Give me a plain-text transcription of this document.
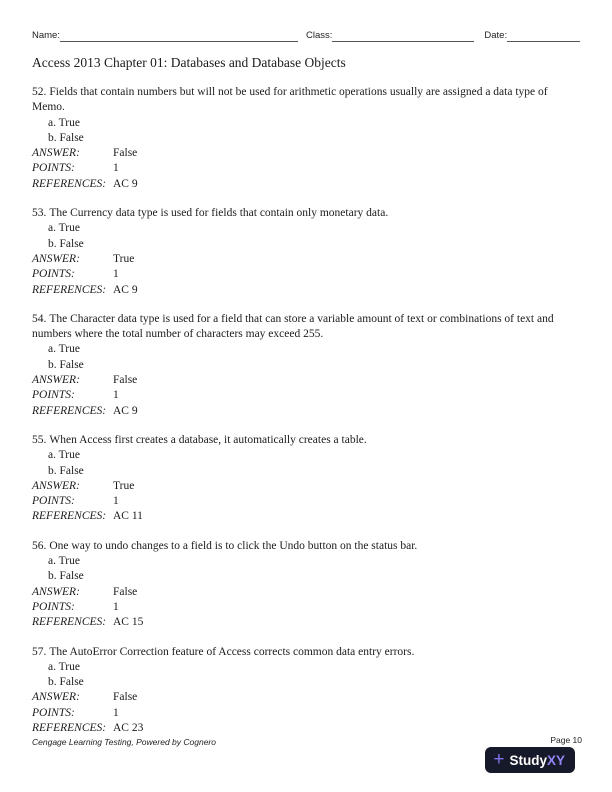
Name:	Class:	Date:
Access 2013 Chapter 01: Databases and Database Objects

52. Fields that contain numbers but will not be used for arithmetic operations usually are assigned a data type of Memo.

a. True
b. False
ANSWER:	False
POINTS:	1
REFERENCES: AC 9

53. The Currency data type is used for fields that contain only monetary data.

a. True
b. False
ANSWER:	True
POINTS:	1
REFERENCES: AC 9

54. The Character data type is used for a field that can store a variable amount of text or combinations of text and numbers where the total number of characters may exceed 255.

a. True
b. False
ANSWER:	False
POINTS:	1
REFERENCES: AC 9

55. When Access first creates a database, it automatically creates a table.

a. True
b. False
ANSWER:	True
POINTS:	1
REFERENCES: AC 11

56. One way to undo changes to a field is to click the Undo button on the status bar.

a. True
b. False
ANSWER:	False
POINTS:	1
REFERENCES: AC 15

57. The AutoError Correction feature of Access corrects common data entry errors.

a. True
b. False
ANSWER:	False
POINTS:	1
REFERENCES: AC 23
Cengage Learning Testing, Powered by Cognero	Page 10
+ StudyXY
